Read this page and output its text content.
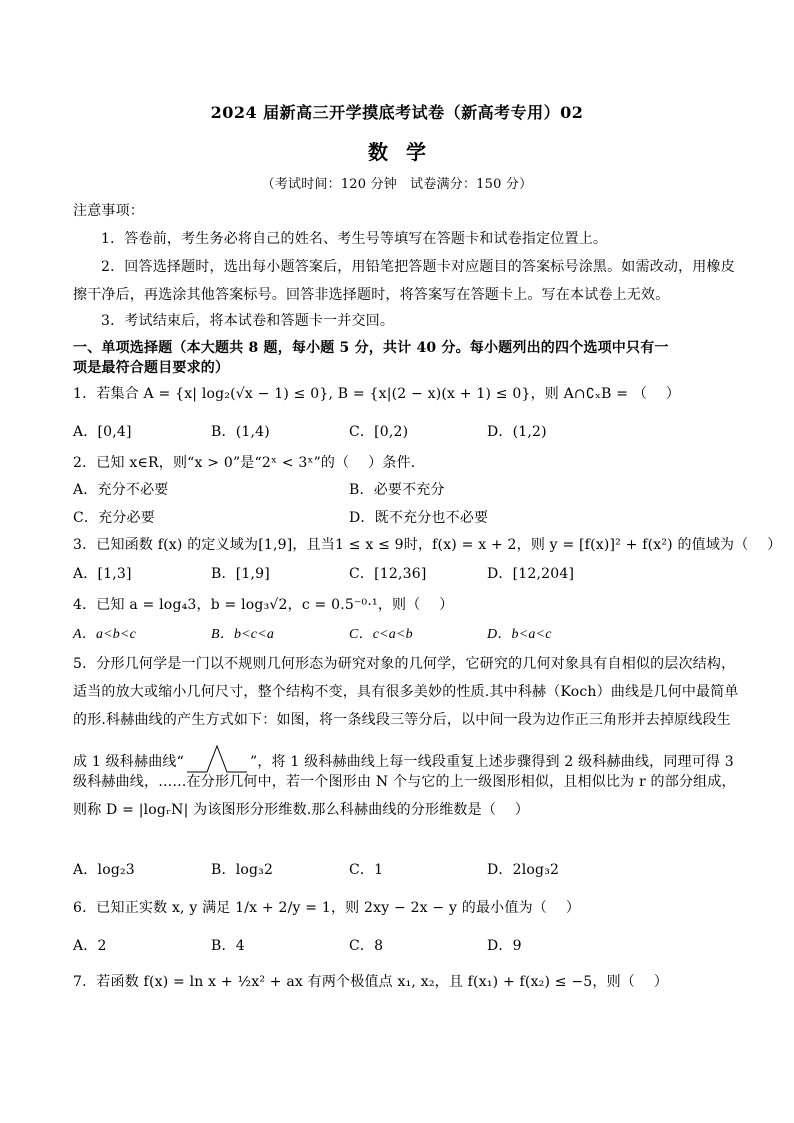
2024 届新高三开学摸底考试卷（新高考专用）02
数学
（考试时间：120 分钟　试卷满分：150 分）
注意事项：
1．答卷前，考生务必将自己的姓名、考生号等填写在答题卡和试卷指定位置上。
2．回答选择题时，选出每小题答案后，用铅笔把答题卡对应题目的答案标号涂黑。如需改动，用橡皮
擦干净后，再选涂其他答案标号。回答非选择题时，将答案写在答题卡上。写在本试卷上无效。
3．考试结束后，将本试卷和答题卡一并交回。
一、单项选择题（本大题共 8 题，每小题 5 分，共计 40 分。每小题列出的四个选项中只有一
项是最符合题目要求的）
1．若集合 A = {x| log₂(√x − 1) ≤ 0}, B = {x|(2 − x)(x + 1) ≤ 0}，则 A∩∁ₓB = （　 ）
A．[0,4]	B．(1,4)	C．[0,2)	D．(1,2)
2．已知 x∈R，则“x > 0”是“2ˣ < 3ˣ”的（　 ）条件．
A．充分不必要	B．必要不充分
C．充分必要	D．既不充分也不必要
3．已知函数 f(x) 的定义域为[1,9]，且当1 ≤ x ≤ 9时，f(x) = x + 2，则 y = [f(x)]² + f(x²) 的值域为（　 ）
A．[1,3]	B．[1,9]	C．[12,36]	D．[12,204]
4．已知 a = log₄3，b = log₃√2，c = 0.5⁻⁰·¹，则（　 ）
A．a<b<c	B．b<c<a	C．c<a<b	D．b<a<c
5．分形几何学是一门以不规则几何形态为研究对象的几何学，它研究的几何对象具有自相似的层次结构，
适当的放大或缩小几何尺寸，整个结构不变，具有很多美妙的性质.其中科赫（Koch）曲线是几何中最简单
的形.科赫曲线的产生方式如下：如图，将一条线段三等分后，以中间一段为边作正三角形并去掉原线段生
成 1 级科赫曲线“	”，将 1 级科赫曲线上每一线段重复上述步骤得到 2 级科赫曲线，同理可得 3
级科赫曲线，……在分形几何中，若一个图形由 N 个与它的上一级图形相似，且相似比为 r 的部分组成，
则称 D = |logᵣN| 为该图形分形维数.那么科赫曲线的分形维数是（　 ）
A．log₂3	B．log₃2	C．1	D．2log₃2
6．已知正实数 x, y 满足 1/x + 2/y = 1，则 2xy − 2x − y 的最小值为（　 ）
A．2	B．4	C．8	D．9
7．若函数 f(x) = ln x + ½x² + ax 有两个极值点 x₁, x₂，且 f(x₁) + f(x₂) ≤ −5，则（　 ）
